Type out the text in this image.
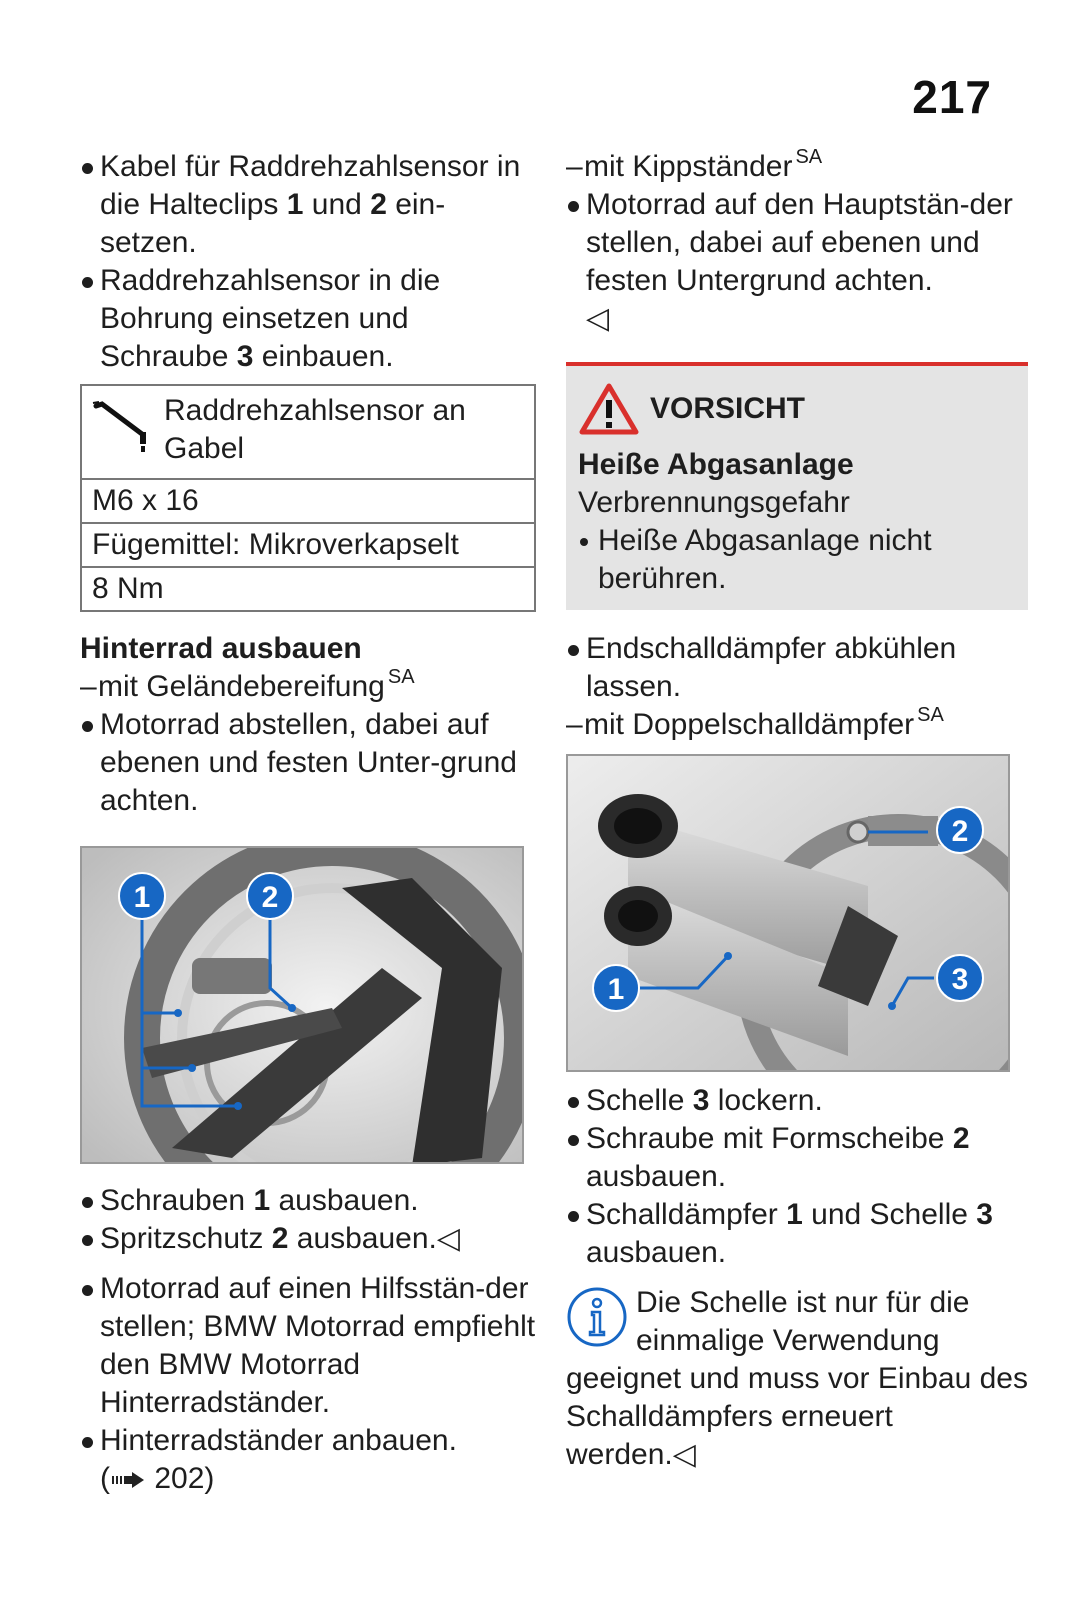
217
Kabel für Raddrehzahlsensor in die Halteclips 1 und 2 ein-setzen.
Raddrehzahlsensor in die Bohrung einsetzen und Schraube 3 einbauen.
Raddrehzahlsensor an Gabel
M6 x 16
Fügemittel: Mikroverkapselt
8 Nm
Hinterrad ausbauen
– mit Geländebereifung $^{SA}$
Motorrad abstellen, dabei auf ebenen und festen Unter-grund achten.
1	2
Schrauben 1 ausbauen.
Spritzschutz 2 ausbauen.◁
Motorrad auf einen Hilfsstän-der stellen; BMW Motorrad empfiehlt den BMW Motorrad Hinterradständer.
Hinterradständer anbauen.
( 202)
– mit Kippständer $^{SA}$
Motorrad auf den Hauptstän-der stellen, dabei auf ebenen und festen Untergrund achten.
◁
VORSICHT
Heiße Abgasanlage
Verbrennungsgefahr
Heiße Abgasanlage nicht berühren.
Endschalldämpfer abkühlen lassen.
– mit Doppelschalldämpfer $^{SA}$
2
1	3
Schelle 3 lockern.
Schraube mit Formscheibe 2 ausbauen.
Schalldämpfer 1 und Schelle 3 ausbauen.
Die Schelle ist nur für die einmalige Verwendung geeignet und muss vor Einbau des Schalldämpfers erneuert werden.◁
